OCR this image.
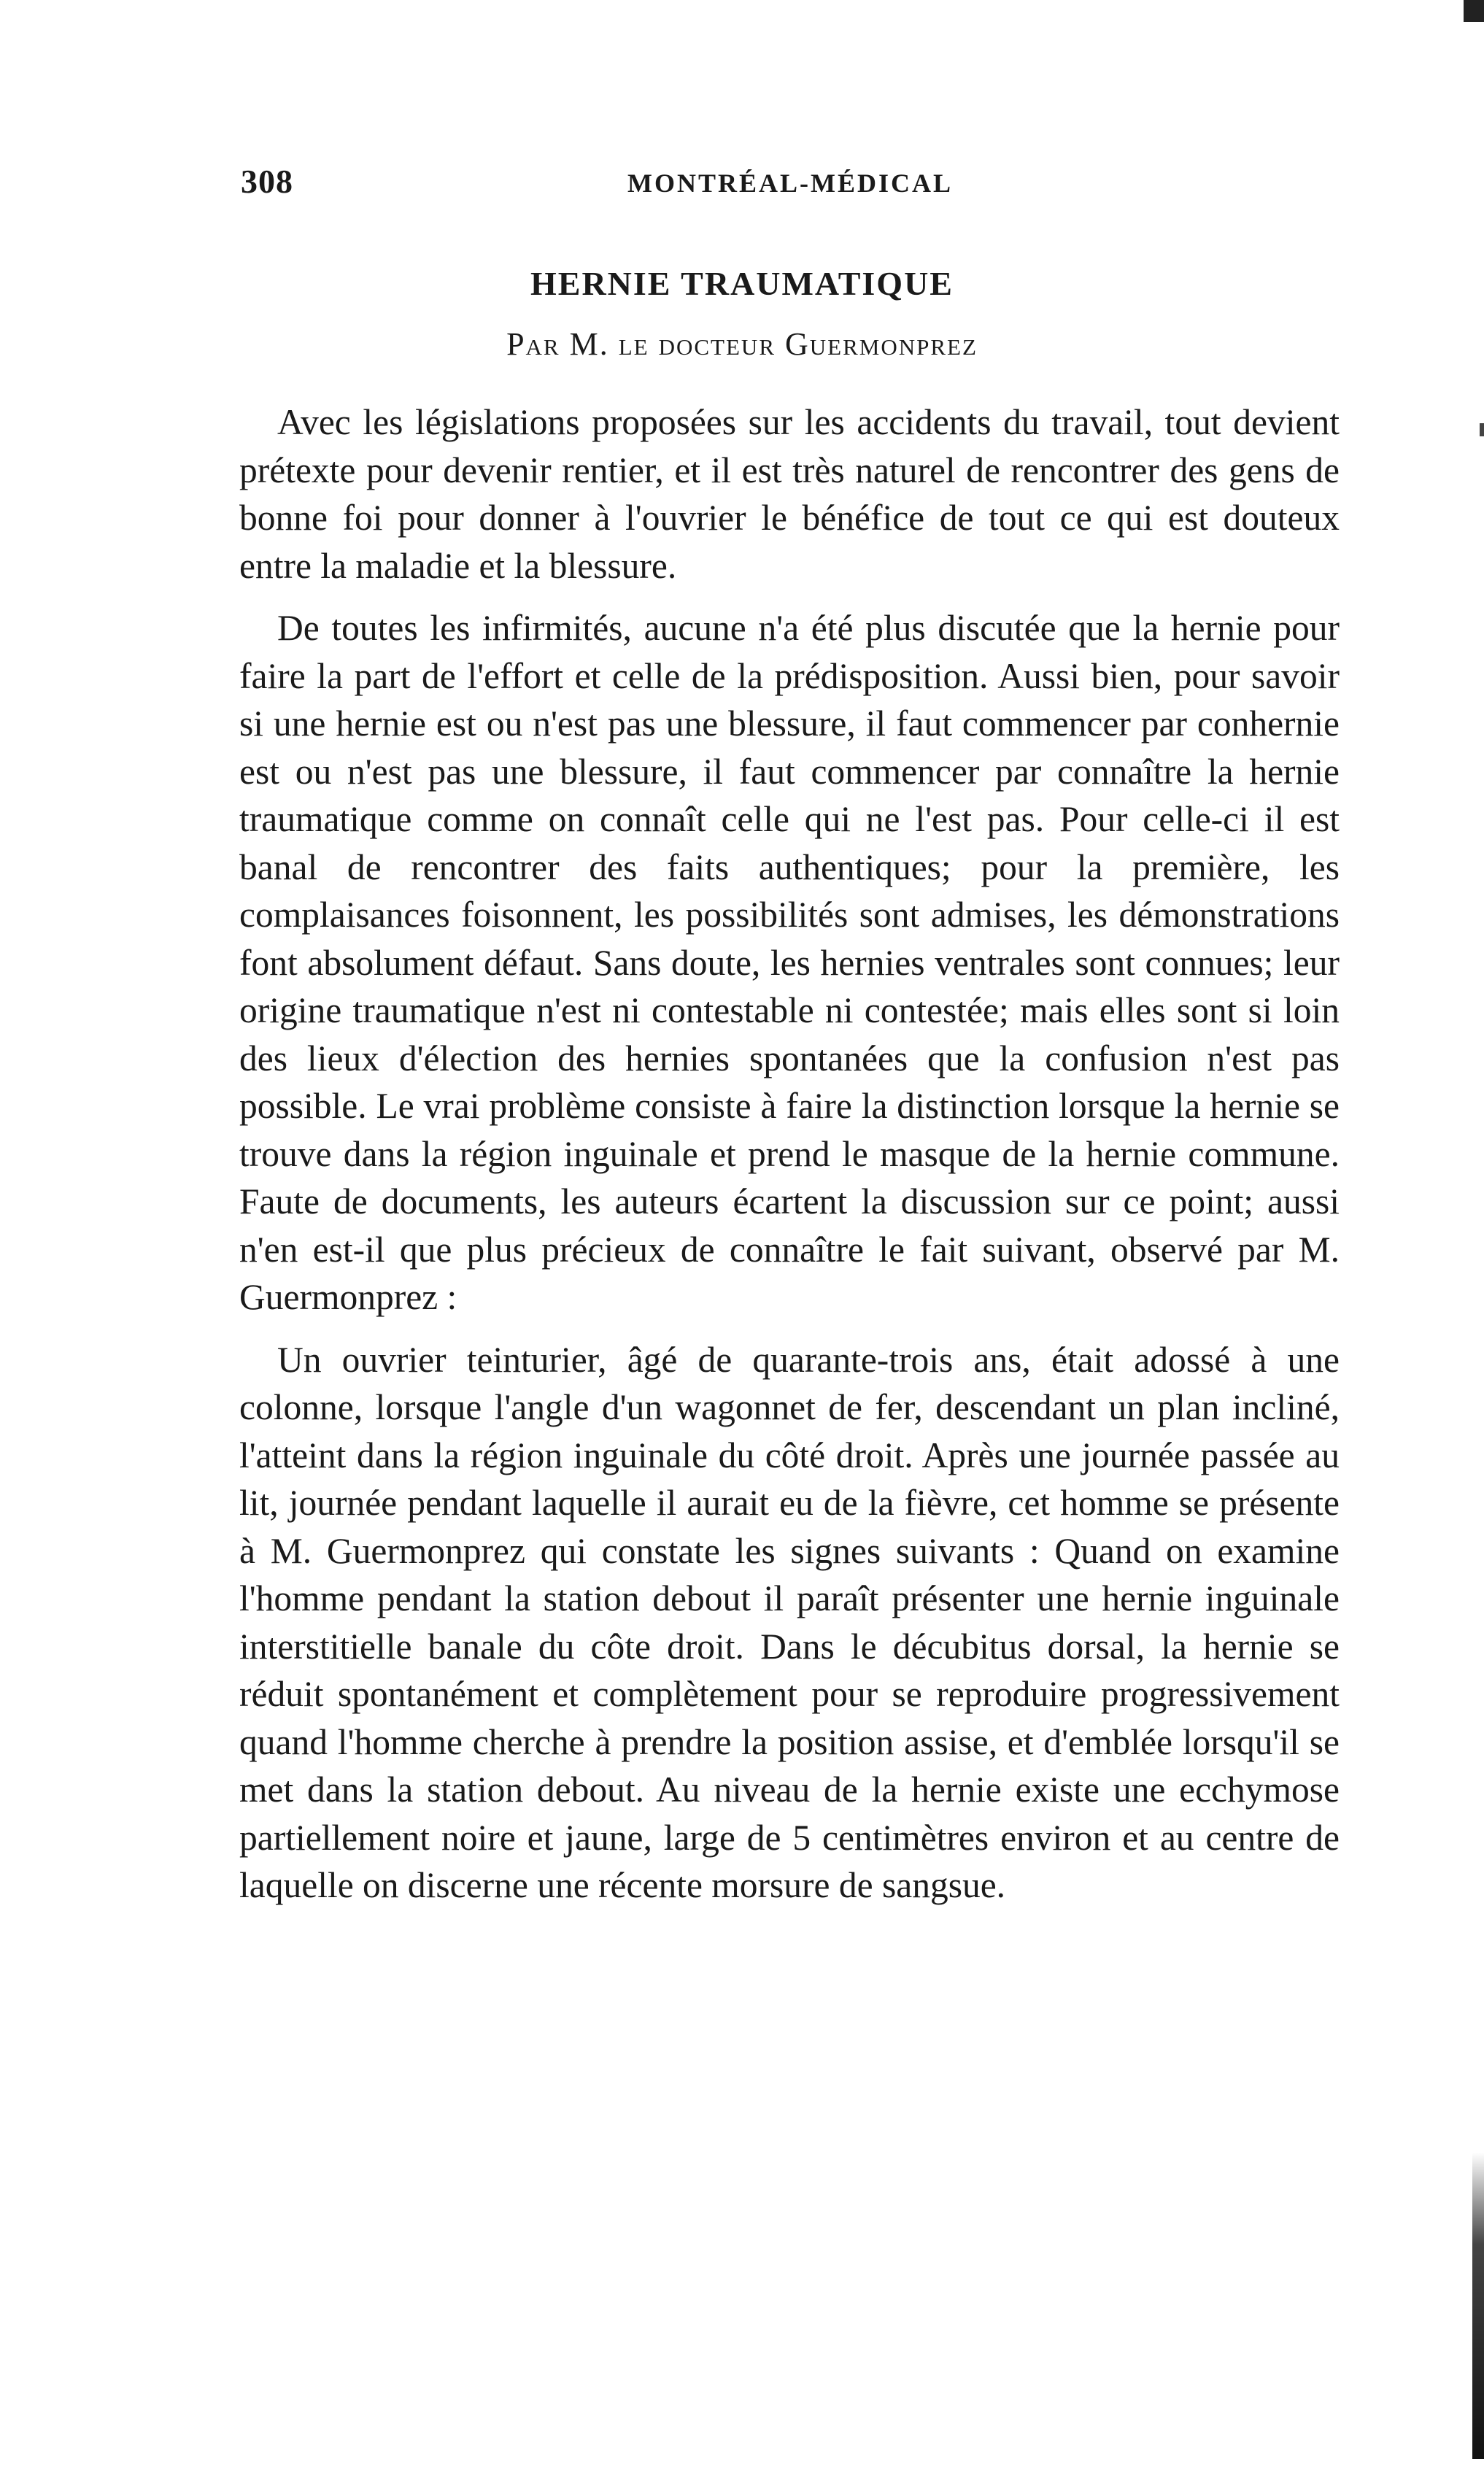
308	MONTRÉAL-MÉDICAL
HERNIE TRAUMATIQUE
Par M. le docteur Guermonprez

Avec les législations proposées sur les accidents du travail, tout devient prétexte pour devenir rentier, et il est très naturel de rencontrer des gens de bonne foi pour donner à l'ouvrier le bénéfice de tout ce qui est douteux entre la maladie et la blessure.

De toutes les infirmités, aucune n'a été plus discutée que la hernie pour faire la part de l'effort et celle de la prédisposition. Aussi bien, pour savoir si une hernie est ou n'est pas une blessure, il faut commencer par conhernie est ou n'est pas une blessure, il faut commencer par connaître la hernie traumatique comme on connaît celle qui ne l'est pas. Pour celle-ci il est banal de rencontrer des faits authentiques; pour la première, les complaisances foisonnent, les possibilités sont admises, les démonstrations font absolument défaut. Sans doute, les hernies ventrales sont connues; leur origine traumatique n'est ni contestable ni contestée; mais elles sont si loin des lieux d'élection des hernies spontanées que la confusion n'est pas possible. Le vrai problème consiste à faire la distinction lorsque la hernie se trouve dans la région inguinale et prend le masque de la hernie commune. Faute de documents, les auteurs écartent la discussion sur ce point; aussi n'en est-il que plus précieux de connaître le fait suivant, observé par M. Guermonprez :

Un ouvrier teinturier, âgé de quarante-trois ans, était adossé à une colonne, lorsque l'angle d'un wagonnet de fer, descendant un plan incliné, l'atteint dans la région inguinale du côté droit. Après une journée passée au lit, journée pendant laquelle il aurait eu de la fièvre, cet homme se présente à M. Guermonprez qui constate les signes suivants : Quand on examine l'homme pendant la station debout il paraît présenter une hernie inguinale interstitielle banale du côte droit. Dans le décubitus dorsal, la hernie se réduit spontanément et complètement pour se reproduire progressivement quand l'homme cherche à prendre la position assise, et d'emblée lorsqu'il se met dans la station debout. Au niveau de la hernie existe une ecchymose partiellement noire et jaune, large de 5 centimètres environ et au centre de laquelle on discerne une récente morsure de sangsue.
